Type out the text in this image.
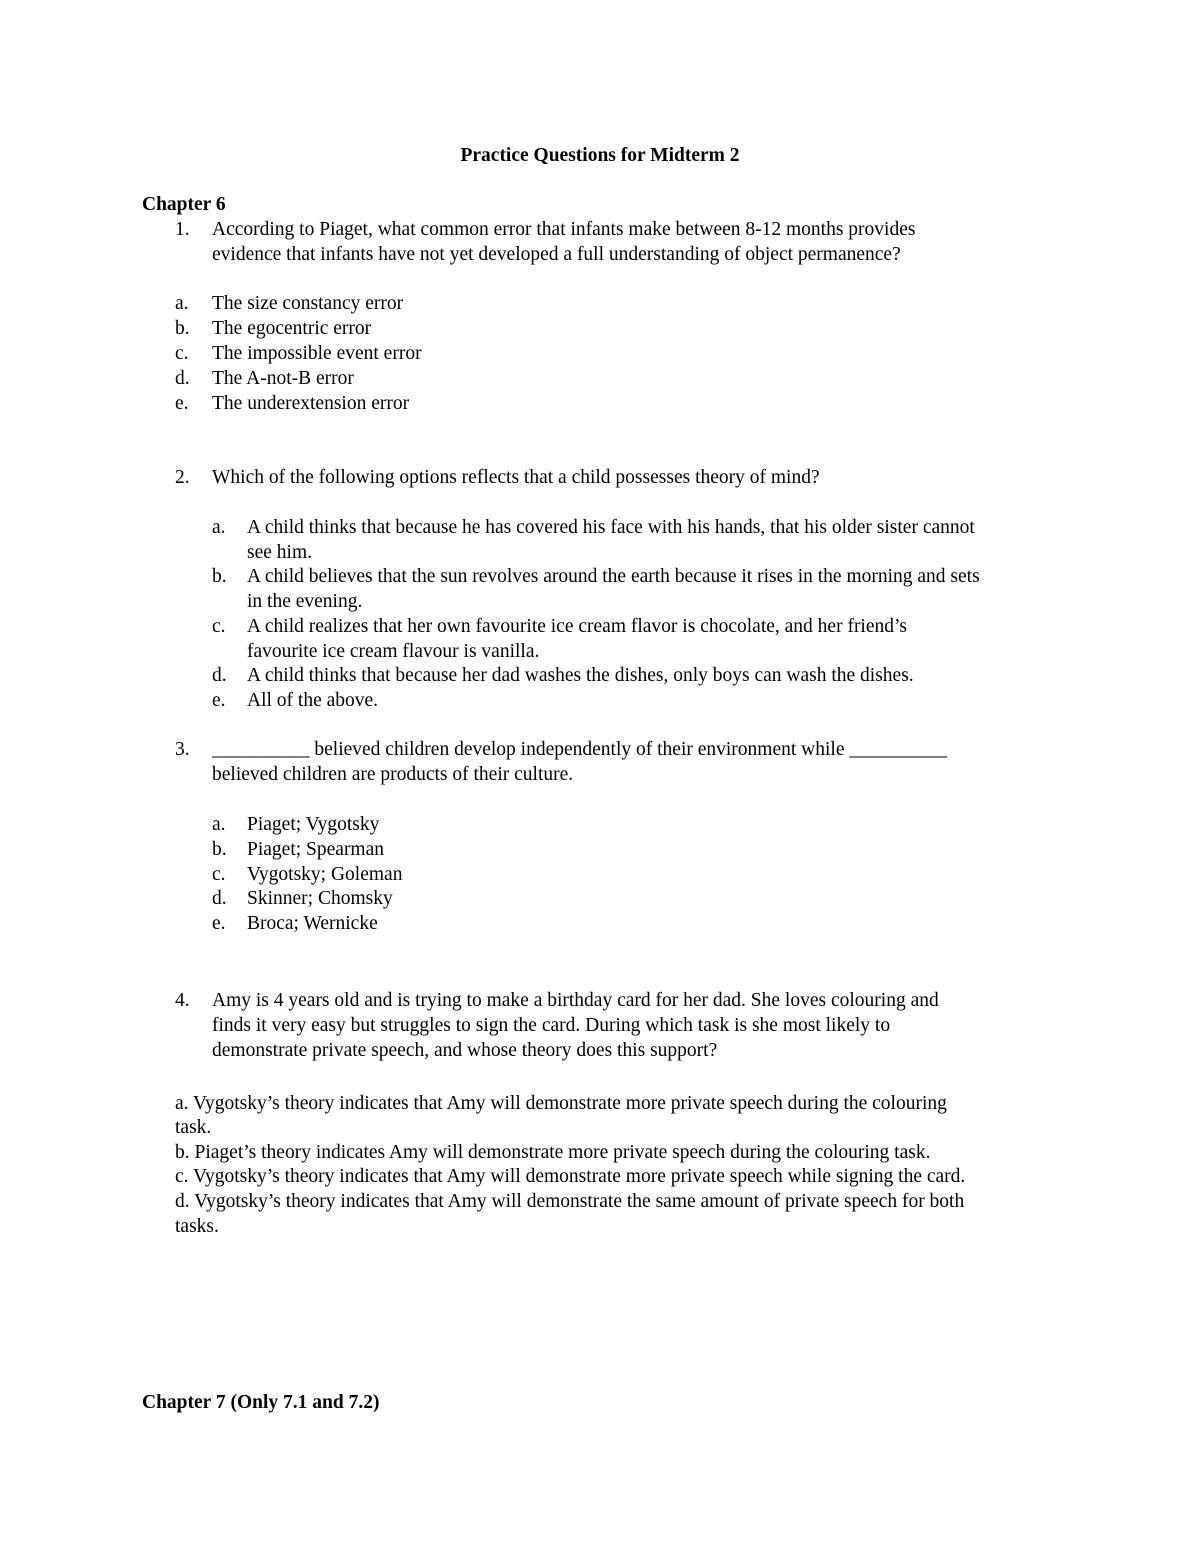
Practice Questions for Midterm 2
Chapter 6
1. According to Piaget, what common error that infants make between 8-12 months provides
evidence that infants have not yet developed a full understanding of object permanence?
a. The size constancy error
b. The egocentric error
c. The impossible event error
d. The A-not-B error
e. The underextension error
2. Which of the following options reflects that a child possesses theory of mind?
a. A child thinks that because he has covered his face with his hands, that his older sister cannot
see him.
b. A child believes that the sun revolves around the earth because it rises in the morning and sets
in the evening.
c. A child realizes that her own favourite ice cream flavor is chocolate, and her friend’s
favourite ice cream flavour is vanilla.
d. A child thinks that because her dad washes the dishes, only boys can wash the dishes.
e. All of the above.
3. __________ believed children develop independently of their environment while __________
believed children are products of their culture.
a. Piaget; Vygotsky
b. Piaget; Spearman
c. Vygotsky; Goleman
d. Skinner; Chomsky
e. Broca; Wernicke
4. Amy is 4 years old and is trying to make a birthday card for her dad. She loves colouring and
finds it very easy but struggles to sign the card. During which task is she most likely to
demonstrate private speech, and whose theory does this support?
a. Vygotsky’s theory indicates that Amy will demonstrate more private speech during the colouring
task.
b. Piaget’s theory indicates Amy will demonstrate more private speech during the colouring task.
c. Vygotsky’s theory indicates that Amy will demonstrate more private speech while signing the card.
d. Vygotsky’s theory indicates that Amy will demonstrate the same amount of private speech for both
tasks.
Chapter 7 (Only 7.1 and 7.2)
